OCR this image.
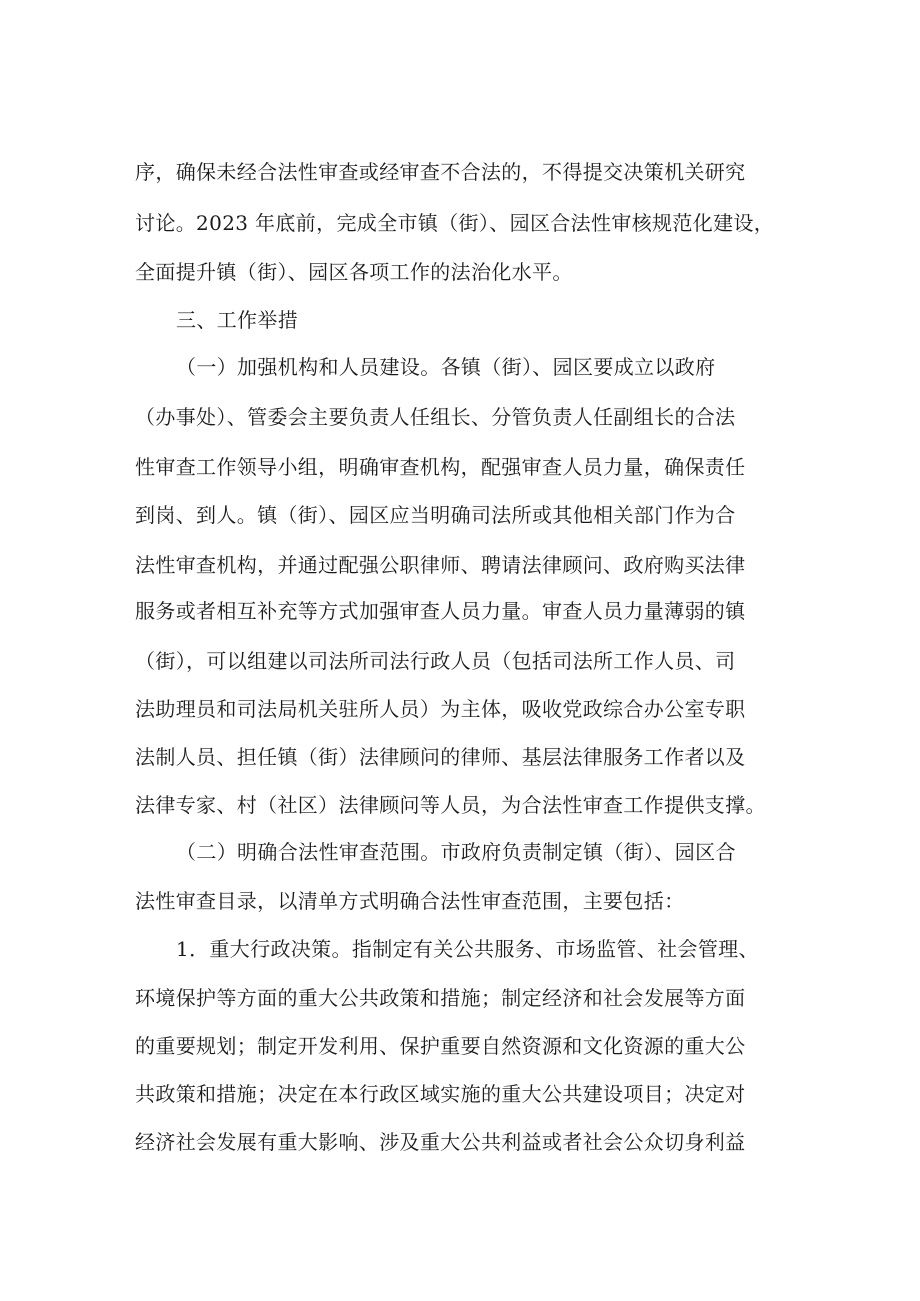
序，确保未经合法性审查或经审查不合法的，不得提交决策机关研究
讨论。2023 年底前，完成全市镇（街）、园区合法性审核规范化建设，
全面提升镇（街）、园区各项工作的法治化水平。
三、工作举措
（一）加强机构和人员建设。各镇（街）、园区要成立以政府
（办事处）、管委会主要负责人任组长、分管负责人任副组长的合法
性审查工作领导小组，明确审查机构，配强审查人员力量，确保责任
到岗、到人。镇（街）、园区应当明确司法所或其他相关部门作为合
法性审查机构，并通过配强公职律师、聘请法律顾问、政府购买法律
服务或者相互补充等方式加强审查人员力量。审查人员力量薄弱的镇
（街），可以组建以司法所司法行政人员（包括司法所工作人员、司
法助理员和司法局机关驻所人员）为主体，吸收党政综合办公室专职
法制人员、担任镇（街）法律顾问的律师、基层法律服务工作者以及
法律专家、村（社区）法律顾问等人员，为合法性审查工作提供支撑。
（二）明确合法性审查范围。市政府负责制定镇（街）、园区合
法性审查目录，以清单方式明确合法性审查范围，主要包括：
1．重大行政决策。指制定有关公共服务、市场监管、社会管理、
环境保护等方面的重大公共政策和措施；制定经济和社会发展等方面
的重要规划；制定开发利用、保护重要自然资源和文化资源的重大公
共政策和措施；决定在本行政区域实施的重大公共建设项目；决定对
经济社会发展有重大影响、涉及重大公共利益或者社会公众切身利益
